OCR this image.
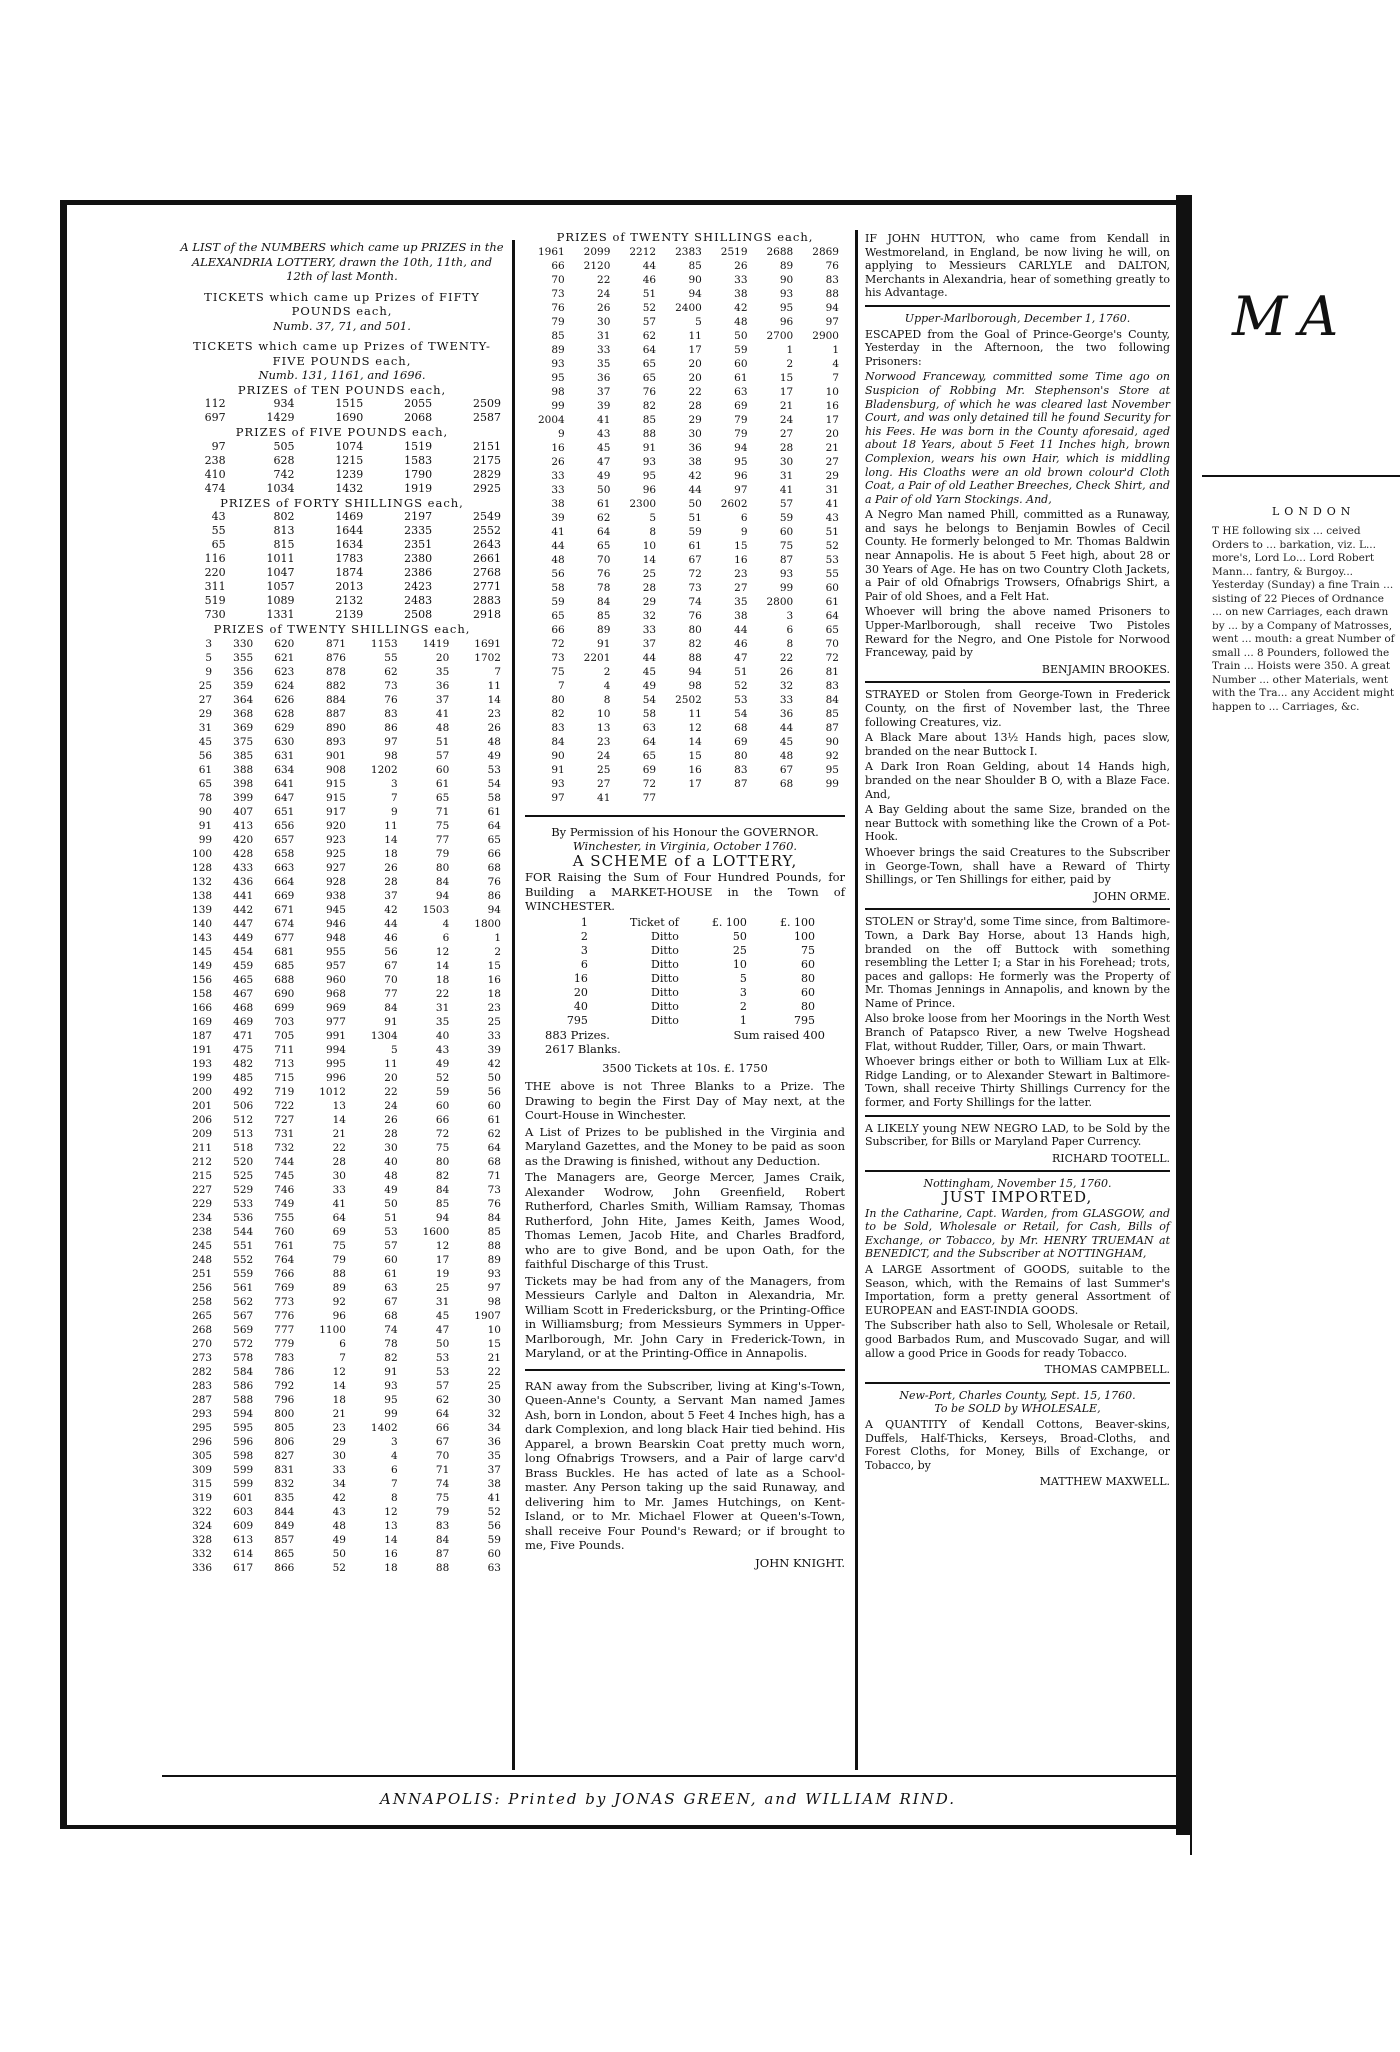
A LIST of the NUMBERS which came up PRIZES in the ALEXANDRIA LOTTERY, drawn the 10th, 11th, and 12th of last Month.
TICKETS which came up Prizes of FIFTY POUNDS each,
Numb. 37, 71, and 501.
TICKETS which came up Prizes of TWENTY-FIVE POUNDS each,
Numb. 131, 1161, and 1696.
PRIZES of TEN POUNDS each,
112	934	1515	2055	2509
697	1429	1690	2068	2587
PRIZES of FIVE POUNDS each,
97	505	1074	1519	2151
238	628	1215	1583	2175
410	742	1239	1790	2829
474	1034	1432	1919	2925
PRIZES of FORTY SHILLINGS each,
43	802	1469	2197	2549
55	813	1644	2335	2552
65	815	1634	2351	2643
116	1011	1783	2380	2661
220	1047	1874	2386	2768
311	1057	2013	2423	2771
519	1089	2132	2483	2883
730	1331	2139	2508	2918
PRIZES of TWENTY SHILLINGS each,
3	330	620	871	1153	1419	1691
5	355	621	876	55	20	1702
9	356	623	878	62	35	7
25	359	624	882	73	36	11
27	364	626	884	76	37	14
29	368	628	887	83	41	23
31	369	629	890	86	48	26
45	375	630	893	97	51	48
56	385	631	901	98	57	49
61	388	634	908	1202	60	53
65	398	641	915	3	61	54
78	399	647	915	7	65	58
90	407	651	917	9	71	61
91	413	656	920	11	75	64
99	420	657	923	14	77	65
100	428	658	925	18	79	66
128	433	663	927	26	80	68
132	436	664	928	28	84	76
138	441	669	938	37	94	86
139	442	671	945	42	1503	94
140	447	674	946	44	4	1800
143	449	677	948	46	6	1
145	454	681	955	56	12	2
149	459	685	957	67	14	15
156	465	688	960	70	18	16
158	467	690	968	77	22	18
166	468	699	969	84	31	23
169	469	703	977	91	35	25
187	471	705	991	1304	40	33
191	475	711	994	5	43	39
193	482	713	995	11	49	42
199	485	715	996	20	52	50
200	492	719	1012	22	59	56
201	506	722	13	24	60	60
206	512	727	14	26	66	61
209	513	731	21	28	72	62
211	518	732	22	30	75	64
212	520	744	28	40	80	68
215	525	745	30	48	82	71
227	529	746	33	49	84	73
229	533	749	41	50	85	76
234	536	755	64	51	94	84
238	544	760	69	53	1600	85
245	551	761	75	57	12	88
248	552	764	79	60	17	89
251	559	766	88	61	19	93
256	561	769	89	63	25	97
258	562	773	92	67	31	98
265	567	776	96	68	45	1907
268	569	777	1100	74	47	10
270	572	779	6	78	50	15
273	578	783	7	82	53	21
282	584	786	12	91	53	22
283	586	792	14	93	57	25
287	588	796	18	95	62	30
293	594	800	21	99	64	32
295	595	805	23	1402	66	34
296	596	806	29	3	67	36
305	598	827	30	4	70	35
309	599	831	33	6	71	37
315	599	832	34	7	74	38
319	601	835	42	8	75	41
322	603	844	43	12	79	52
324	609	849	48	13	83	56
328	613	857	49	14	84	59
332	614	865	50	16	87	60
336	617	866	52	18	88	63
PRIZES of TWENTY SHILLINGS each,
1961	2099	2212	2383	2519	2688	2869
66	2120	44	85	26	89	76
70	22	46	90	33	90	83
73	24	51	94	38	93	88
76	26	52	2400	42	95	94
79	30	57	5	48	96	97
85	31	62	11	50	2700	2900
89	33	64	17	59	1	1
93	35	65	20	60	2	4
95	36	65	20	61	15	7
98	37	76	22	63	17	10
99	39	82	28	69	21	16
2004	41	85	29	79	24	17
9	43	88	30	79	27	20
16	45	91	36	94	28	21
26	47	93	38	95	30	27
33	49	95	42	96	31	29
33	50	96	44	97	41	31
38	61	2300	50	2602	57	41
39	62	5	51	6	59	43
41	64	8	59	9	60	51
44	65	10	61	15	75	52
48	70	14	67	16	87	53
56	76	25	72	23	93	55
58	78	28	73	27	99	60
59	84	29	74	35	2800	61
65	85	32	76	38	3	64
66	89	33	80	44	6	65
72	91	37	82	46	8	70
73	2201	44	88	47	22	72
75	2	45	94	51	26	81
7	4	49	98	52	32	83
80	8	54	2502	53	33	84
82	10	58	11	54	36	85
83	13	63	12	68	44	87
84	23	64	14	69	45	90
90	24	65	15	80	48	92
91	25	69	16	83	67	95
93	27	72	17	87	68	99
97	41	77				
By Permission of his Honour the GOVERNOR.
Winchester, in Virginia, October 1760.
A SCHEME of a LOTTERY,

FOR Raising the Sum of Four Hundred Pounds, for Building a MARKET-HOUSE in the Town of WINCHESTER.

1	Ticket of	£. 100	£. 100
2	Ditto	50	100
3	Ditto	25	75
6	Ditto	10	60
16	Ditto	5	80
20	Ditto	3	60
40	Ditto	2	80
795	Ditto	1	795
883 Prizes.	Sum raised 400
2617 Blanks.
3500 Tickets at 10s. £. 1750

THE above is not Three Blanks to a Prize. The Drawing to begin the First Day of May next, at the Court-House in Winchester.

A List of Prizes to be published in the Virginia and Maryland Gazettes, and the Money to be paid as soon as the Drawing is finished, without any Deduction.

The Managers are, George Mercer, James Craik, Alexander Wodrow, John Greenfield, Robert Rutherford, Charles Smith, William Ramsay, Thomas Rutherford, John Hite, James Keith, James Wood, Thomas Lemen, Jacob Hite, and Charles Bradford, who are to give Bond, and be upon Oath, for the faithful Discharge of this Trust.

Tickets may be had from any of the Managers, from Messieurs Carlyle and Dalton in Alexandria, Mr. William Scott in Fredericksburg, or the Printing-Office in Williamsburg; from Messieurs Symmers in Upper-Marlborough, Mr. John Cary in Frederick-Town, in Maryland, or at the Printing-Office in Annapolis.

RAN away from the Subscriber, living at King's-Town, Queen-Anne's County, a Servant Man named James Ash, born in London, about 5 Feet 4 Inches high, has a dark Complexion, and long black Hair tied behind. His Apparel, a brown Bearskin Coat pretty much worn, long Ofnabrigs Trowsers, and a Pair of large carv'd Brass Buckles. He has acted of late as a School-master. Any Person taking up the said Runaway, and delivering him to Mr. James Hutchings, on Kent-Island, or to Mr. Michael Flower at Queen's-Town, shall receive Four Pound's Reward; or if brought to me, Five Pounds.

JOHN KNIGHT.

IF JOHN HUTTON, who came from Kendall in Westmoreland, in England, be now living he will, on applying to Messieurs CARLYLE and DALTON, Merchants in Alexandria, hear of something greatly to his Advantage.

Upper-Marlborough, December 1, 1760.

ESCAPED from the Goal of Prince-George's County, Yesterday in the Afternoon, the two following Prisoners:

Norwood Franceway, committed some Time ago on Suspicion of Robbing Mr. Stephenson's Store at Bladensburg, of which he was cleared last November Court, and was only detained till he found Security for his Fees. He was born in the County aforesaid, aged about 18 Years, about 5 Feet 11 Inches high, brown Complexion, wears his own Hair, which is middling long. His Cloaths were an old brown colour'd Cloth Coat, a Pair of old Leather Breeches, Check Shirt, and a Pair of old Yarn Stockings. And,

A Negro Man named Phill, committed as a Runaway, and says he belongs to Benjamin Bowles of Cecil County. He formerly belonged to Mr. Thomas Baldwin near Annapolis. He is about 5 Feet high, about 28 or 30 Years of Age. He has on two Country Cloth Jackets, a Pair of old Ofnabrigs Trowsers, Ofnabrigs Shirt, a Pair of old Shoes, and a Felt Hat.

Whoever will bring the above named Prisoners to Upper-Marlborough, shall receive Two Pistoles Reward for the Negro, and One Pistole for Norwood Franceway, paid by

BENJAMIN BROOKES.

STRAYED or Stolen from George-Town in Frederick County, on the first of November last, the Three following Creatures, viz.

A Black Mare about 13½ Hands high, paces slow, branded on the near Buttock I.

A Dark Iron Roan Gelding, about 14 Hands high, branded on the near Shoulder B O, with a Blaze Face. And,

A Bay Gelding about the same Size, branded on the near Buttock with something like the Crown of a Pot-Hook.

Whoever brings the said Creatures to the Subscriber in George-Town, shall have a Reward of Thirty Shillings, or Ten Shillings for either, paid by

JOHN ORME.

STOLEN or Stray'd, some Time since, from Baltimore-Town, a Dark Bay Horse, about 13 Hands high, branded on the off Buttock with something resembling the Letter I; a Star in his Forehead; trots, paces and gallops: He formerly was the Property of Mr. Thomas Jennings in Annapolis, and known by the Name of Prince.

Also broke loose from her Moorings in the North West Branch of Patapsco River, a new Twelve Hogshead Flat, without Rudder, Tiller, Oars, or main Thwart.

Whoever brings either or both to William Lux at Elk-Ridge Landing, or to Alexander Stewart in Baltimore-Town, shall receive Thirty Shillings Currency for the former, and Forty Shillings for the latter.

A LIKELY young NEW NEGRO LAD, to be Sold by the Subscriber, for Bills or Maryland Paper Currency.

RICHARD TOOTELL.
Nottingham, November 15, 1760.
JUST IMPORTED,

In the Catharine, Capt. Warden, from GLASGOW, and to be Sold, Wholesale or Retail, for Cash, Bills of Exchange, or Tobacco, by Mr. HENRY TRUEMAN at BENEDICT, and the Subscriber at NOTTINGHAM,

A LARGE Assortment of GOODS, suitable to the Season, which, with the Remains of last Summer's Importation, form a pretty general Assortment of EUROPEAN and EAST-INDIA GOODS.

The Subscriber hath also to Sell, Wholesale or Retail, good Barbados Rum, and Muscovado Sugar, and will allow a good Price in Goods for ready Tobacco.

THOMAS CAMPBELL.
New-Port, Charles County, Sept. 15, 1760.
To be SOLD by WHOLESALE,

A QUANTITY of Kendall Cottons, Beaver-skins, Duffels, Half-Thicks, Kerseys, Broad-Cloths, and Forest Cloths, for Money, Bills of Exchange, or Tobacco, by

MATTHEW MAXWELL.
ANNAPOLIS: Printed by JONAS GREEN, and WILLIAM RIND.
MA
LONDON
T HE following six ... ceived Orders to ... barkation, viz. L... more's, Lord Lo... Lord Robert Mann... fantry, & Burgoy... Yesterday (Sunday) a fine Train ... sisting of 22 Pieces of Ordnance ... on new Carriages, each drawn by ... by a Company of Matrosses, went ... mouth: a great Number of small ... 8 Pounders, followed the Train ... Hoists were 350. A great Number ... other Materials, went with the Tra... any Accident might happen to ... Carriages, &c.
